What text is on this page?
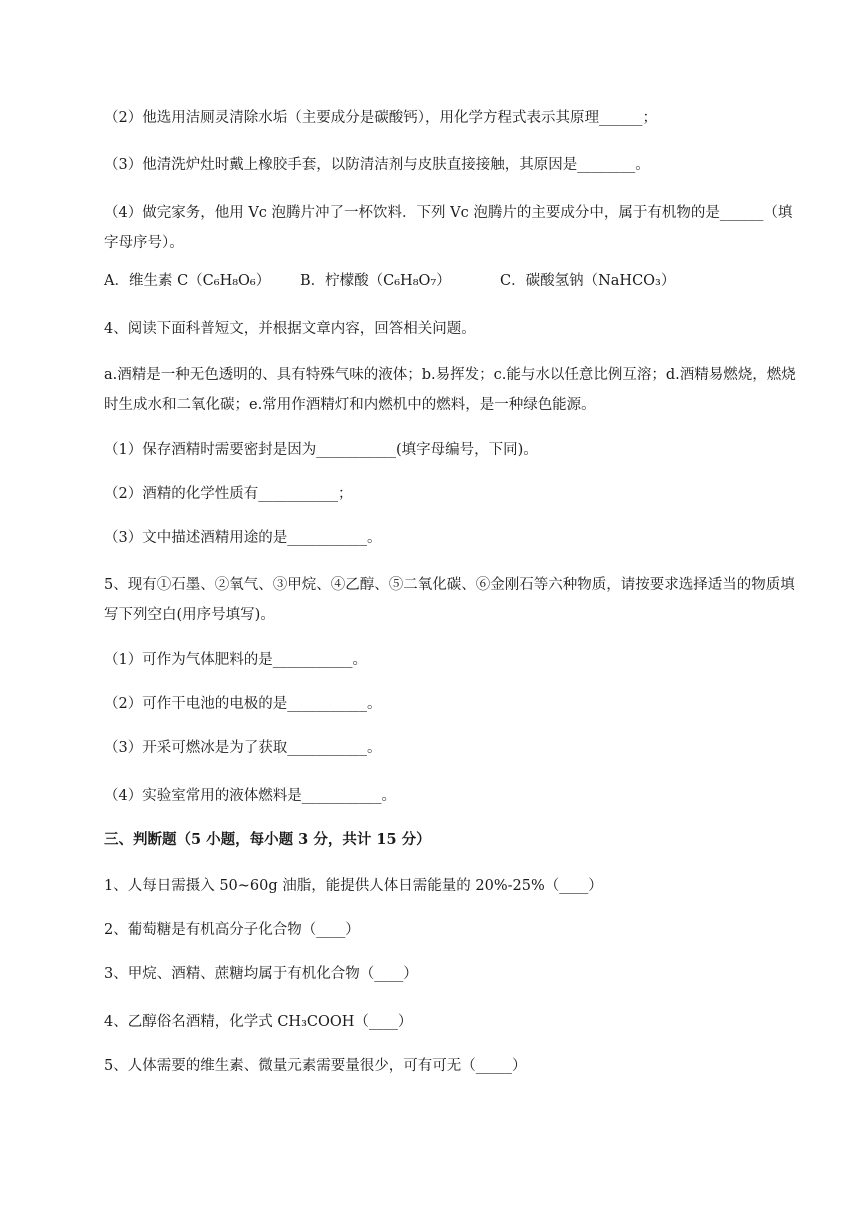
（2）他选用洁厕灵清除水垢（主要成分是碳酸钙），用化学方程式表示其原理______；
（3）他清洗炉灶时戴上橡胶手套，以防清洁剂与皮肤直接接触，其原因是________。
（4）做完家务，他用 Vc 泡腾片冲了一杯饮料．下列 Vc 泡腾片的主要成分中，属于有机物的是______（填字母序号）。
A．维生素 C（C₆H₈O₆） B．柠檬酸（C₆H₈O₇）	C．碳酸氢钠（NaHCO₃）
4、阅读下面科普短文，并根据文章内容，回答相关问题。
a.酒精是一种无色透明的、具有特殊气味的液体；b.易挥发；c.能与水以任意比例互溶；d.酒精易燃烧，燃烧时生成水和二氧化碳；e.常用作酒精灯和内燃机中的燃料，是一种绿色能源。
（1）保存酒精时需要密封是因为___________(填字母编号，下同)。
（2）酒精的化学性质有___________；
（3）文中描述酒精用途的是___________。
5、现有①石墨、②氧气、③甲烷、④乙醇、⑤二氧化碳、⑥金刚石等六种物质，请按要求选择适当的物质填写下列空白(用序号填写)。
（1）可作为气体肥料的是___________。
（2）可作干电池的电极的是___________。
（3）开采可燃冰是为了获取___________。
（4）实验室常用的液体燃料是___________。
三、判断题（5 小题，每小题 3 分，共计 15 分）
1、人每日需摄入 50~60g 油脂，能提供人体日需能量的 20%-25%（____）
2、葡萄糖是有机高分子化合物（____）
3、甲烷、酒精、蔗糖均属于有机化合物（____）
4、乙醇俗名酒精，化学式 CH₃COOH（____）
5、人体需要的维生素、微量元素需要量很少，可有可无（_____）
